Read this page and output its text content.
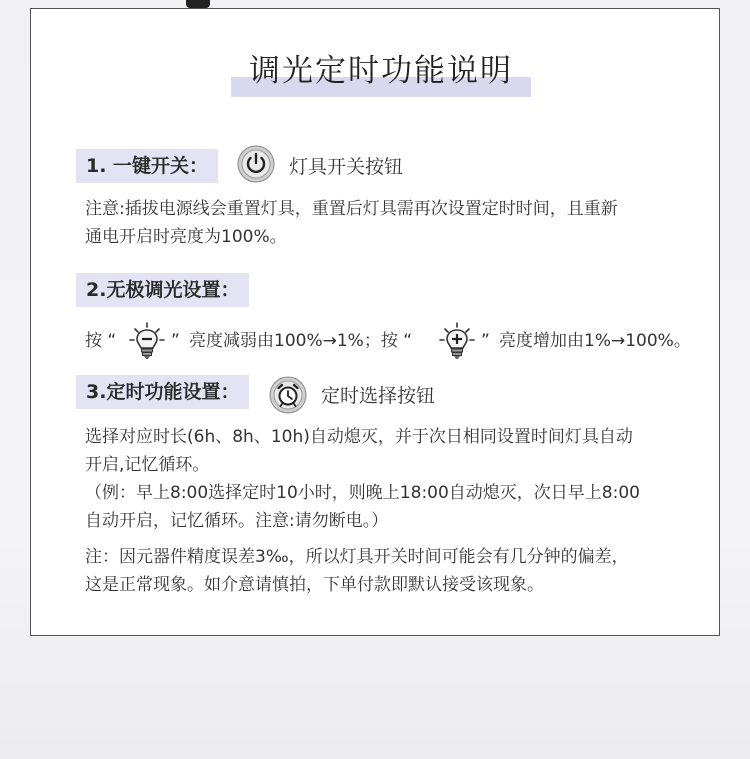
调光定时功能说明
1. 一键开关：	灯具开关按钮

注意:插拔电源线会重置灯具，重置后灯具需再次设置定时时间，且重新

通电开启时亮度为100%。

2.无极调光设置：
按 “	” 亮度减弱由100%→1%；按 “	” 亮度增加由1%→100%。
3.定时功能设置：	定时选择按钮

选择对应时长(6h、8h、10h)自动熄灭，并于次日相同设置时间灯具自动

开启,记忆循环。

（例：早上8:00选择定时10小时，则晚上18:00自动熄灭，次日早上8:00

自动开启，记忆循环。注意:请勿断电。）

注：因元器件精度误差3‰，所以灯具开关时间可能会有几分钟的偏差，

这是正常现象。如介意请慎拍，下单付款即默认接受该现象。
